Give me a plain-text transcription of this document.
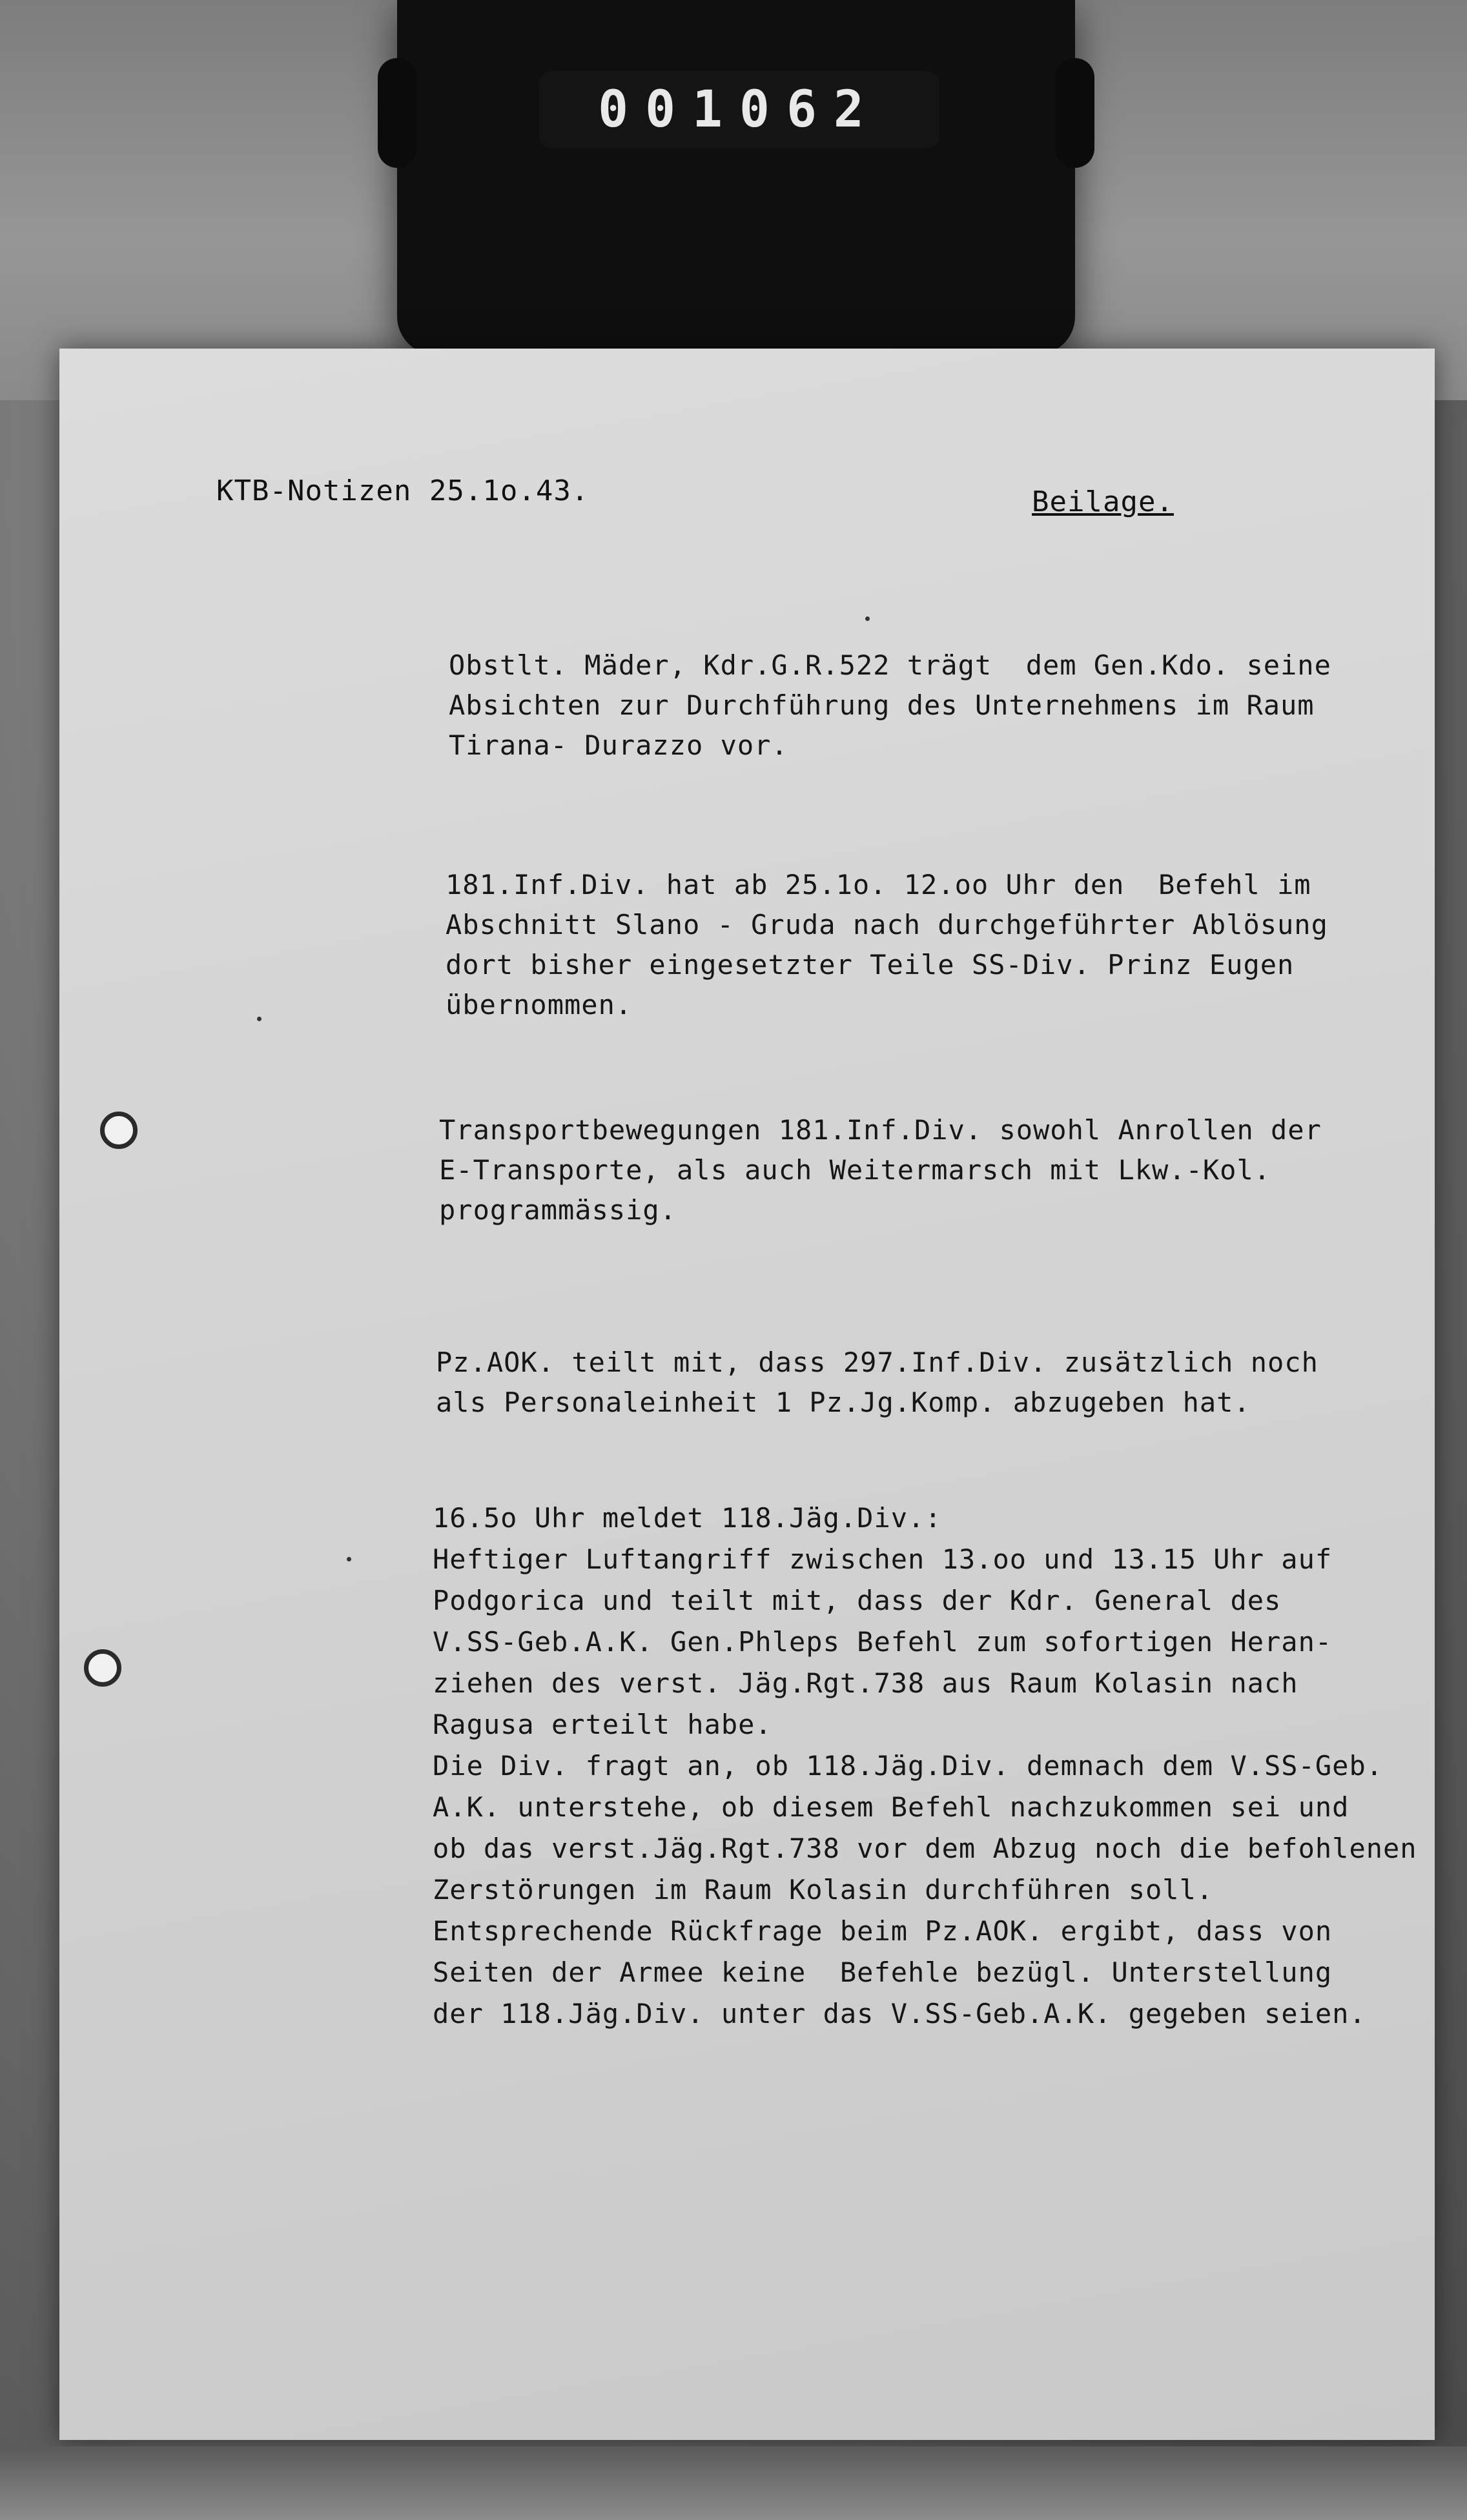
001062
KTB-Notizen 25.1o.43.	Beilage.
Obstlt. Mäder, Kdr.G.R.522 trägt  dem Gen.Kdo. seine
Absichten zur Durchführung des Unternehmens im Raum
Tirana- Durazzo vor.
181.Inf.Div. hat ab 25.1o. 12.oo Uhr den  Befehl im
Abschnitt Slano - Gruda nach durchgeführter Ablösung
dort bisher eingesetzter Teile SS-Div. Prinz Eugen
übernommen.
Transportbewegungen 181.Inf.Div. sowohl Anrollen der
E-Transporte, als auch Weitermarsch mit Lkw.-Kol.
programmässig.
Pz.AOK. teilt mit, dass 297.Inf.Div. zusätzlich noch
als Personaleinheit 1 Pz.Jg.Komp. abzugeben hat.
16.5o Uhr meldet 118.Jäg.Div.:
Heftiger Luftangriff zwischen 13.oo und 13.15 Uhr auf
Podgorica und teilt mit, dass der Kdr. General des
V.SS-Geb.A.K. Gen.Phleps Befehl zum sofortigen Heran-
ziehen des verst. Jäg.Rgt.738 aus Raum Kolasin nach
Ragusa erteilt habe.
Die Div. fragt an, ob 118.Jäg.Div. demnach dem V.SS-Geb.
A.K. unterstehe, ob diesem Befehl nachzukommen sei und
ob das verst.Jäg.Rgt.738 vor dem Abzug noch die befohlenen
Zerstörungen im Raum Kolasin durchführen soll.
Entsprechende Rückfrage beim Pz.AOK. ergibt, dass von
Seiten der Armee keine  Befehle bezügl. Unterstellung
der 118.Jäg.Div. unter das V.SS-Geb.A.K. gegeben seien.
